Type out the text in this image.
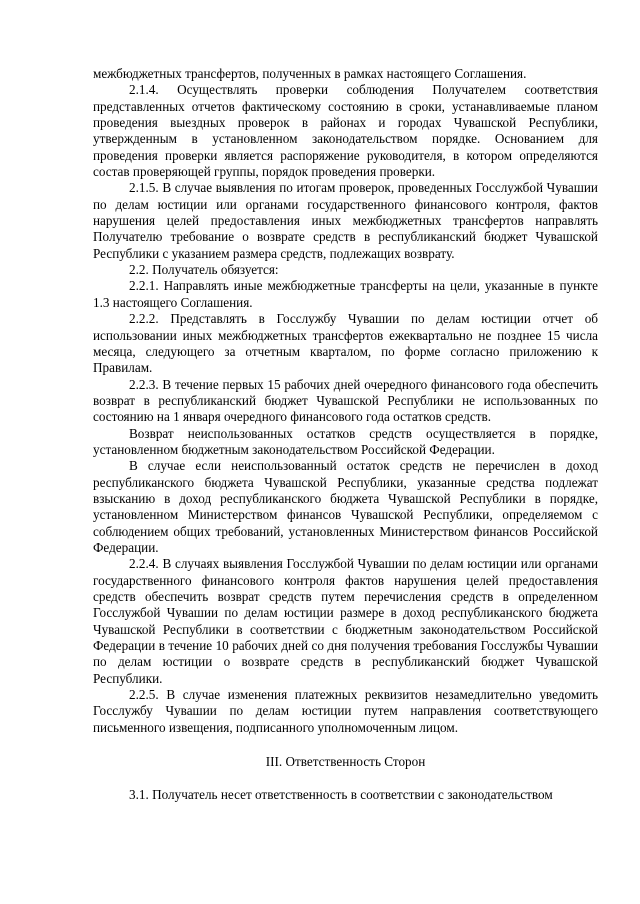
межбюджетных трансфертов, полученных в рамках настоящего Соглашения.

2.1.4. Осуществлять проверки соблюдения Получателем соответствия представленных отчетов фактическому состоянию в сроки, устанавливаемые планом проведения выездных проверок в районах и городах Чувашской Республики, утвержденным в установленном законодательством порядке. Основанием для проведения проверки является распоряжение руководителя, в котором определяются состав проверяющей группы, порядок проведения проверки.

2.1.5. В случае выявления по итогам проверок, проведенных Госслужбой Чувашии по делам юстиции или органами государственного финансового контроля, фактов нарушения целей предоставления иных межбюджетных трансфертов направлять Получателю требование о возврате средств в республиканский бюджет Чувашской Республики с указанием размера средств, подлежащих возврату.

2.2. Получатель обязуется:

2.2.1. Направлять иные межбюджетные трансферты на цели, указанные в пункте 1.3 настоящего Соглашения.

2.2.2. Представлять в Госслужбу Чувашии по делам юстиции отчет об использовании иных межбюджетных трансфертов ежеквартально не позднее 15 числа месяца, следующего за отчетным кварталом, по форме согласно приложению к Правилам.

2.2.3. В течение первых 15 рабочих дней очередного финансового года обеспечить возврат в республиканский бюджет Чувашской Республики не использованных по состоянию на 1 января очередного финансового года остатков средств.

Возврат неиспользованных остатков средств осуществляется в порядке, установленном бюджетным законодательством Российской Федерации.

В случае если неиспользованный остаток средств не перечислен в доход республиканского бюджета Чувашской Республики, указанные средства подлежат взысканию в доход республиканского бюджета Чувашской Республики в порядке, установленном Министерством финансов Чувашской Республики, определяемом с соблюдением общих требований, установленных Министерством финансов Российской Федерации.

2.2.4. В случаях выявления Госслужбой Чувашии по делам юстиции или органами государственного финансового контроля фактов нарушения целей предоставления средств обеспечить возврат средств путем перечисления средств в определенном Госслужбой Чувашии по делам юстиции размере в доход республиканского бюджета Чувашской Республики в соответствии с бюджетным законодательством Российской Федерации в течение 10 рабочих дней со дня получения требования Госслужбы Чувашии по делам юстиции о возврате средств в республиканский бюджет Чувашской Республики.

2.2.5. В случае изменения платежных реквизитов незамедлительно уведомить Госслужбу Чувашии по делам юстиции путем направления соответствующего письменного извещения, подписанного уполномоченным лицом.

III. Ответственность Сторон

3.1. Получатель несет ответственность в соответствии с законодательством
